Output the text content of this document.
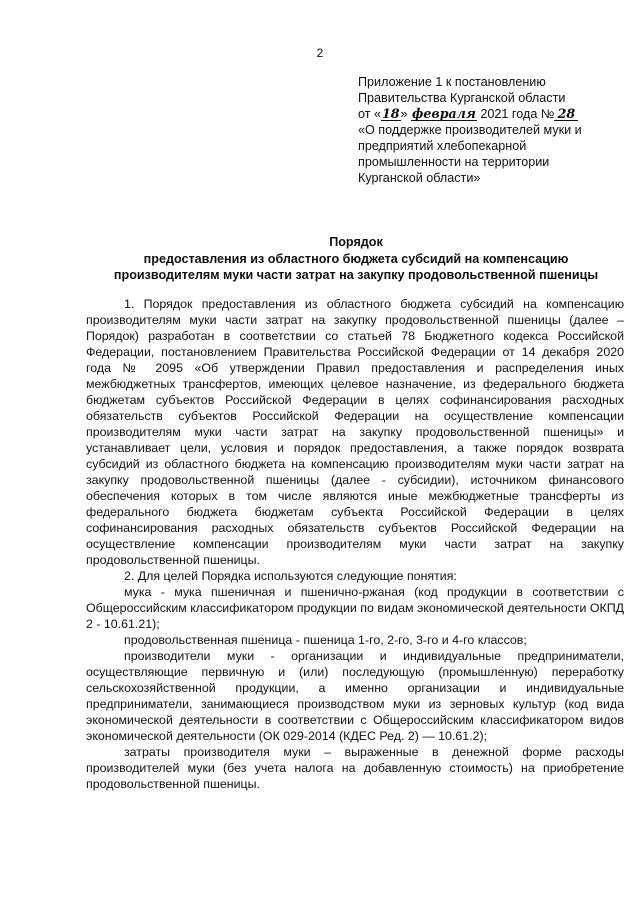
2
Приложение 1 к постановлению
Правительства Курганской области
от «18» февраля 2021 года № 28
«О поддержке производителей муки и
предприятий хлебопекарной
промышленности на территории
Курганской области»
Порядок
предоставления из областного бюджета субсидий на компенсацию
производителям муки части затрат на закупку продовольственной пшеницы

1. Порядок предоставления из областного бюджета субсидий на компенсацию производителям муки части затрат на закупку продовольственной пшеницы (далее – Порядок) разработан в соответствии со статьей 78 Бюджетного кодекса Российской Федерации, постановлением Правительства Российской Федерации от 14 декабря 2020 года № 2095 «Об утверждении Правил предоставления и распределения иных межбюджетных трансфертов, имеющих целевое назначение, из федерального бюджета бюджетам субъектов Российской Федерации в целях софинансирования расходных обязательств субъектов Российской Федерации на осуществление компенсации производителям муки части затрат на закупку продовольственной пшеницы» и устанавливает цели, условия и порядок предоставления, а также порядок возврата субсидий из областного бюджета на компенсацию производителям муки части затрат на закупку продовольственной пшеницы (далее - субсидии), источником финансового обеспечения которых в том числе являются иные межбюджетные трансферты из федерального бюджета бюджетам субъекта Российской Федерации в целях софинансирования расходных обязательств субъектов Российской Федерации на осуществление компенсации производителям муки части затрат на закупку продовольственной пшеницы.

2. Для целей Порядка используются следующие понятия:

мука - мука пшеничная и пшенично-ржаная (код продукции в соответствии с Общероссийским классификатором продукции по видам экономической деятельности ОКПД 2 - 10.61.21);

продовольственная пшеница - пшеница 1-го, 2-го, 3-го и 4-го классов;

производители муки - организации и индивидуальные предприниматели, осуществляющие первичную и (или) последующую (промышленную) переработку сельскохозяйственной продукции, а именно организации и индивидуальные предприниматели, занимающиеся производством муки из зерновых культур (код вида экономической деятельности в соответствии с Общероссийским классификатором видов экономической деятельности (ОК 029-2014 (КДЕС Ред. 2) — 10.61.2);

затраты производителя муки – выраженные в денежной форме расходы производителей муки (без учета налога на добавленную стоимость) на приобретение продовольственной пшеницы.
